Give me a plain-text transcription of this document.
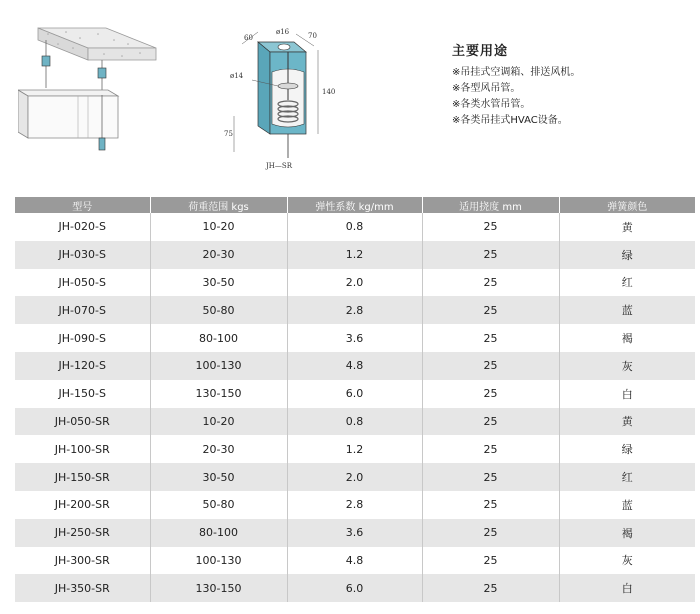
60	70
ø16
ø14
140
75
JH—SR
主要用途
※吊挂式空调箱、排送风机。
※各型风吊管。
※各类水管吊管。
※各类吊挂式HVAC设备。
型号	荷重范围 kgs	弹性系数 kg/mm	适用挠度 mm	弹簧颜色
JH-020-S	10-20	0.8	25	黄
JH-030-S	20-30	1.2	25	绿
JH-050-S	30-50	2.0	25	红
JH-070-S	50-80	2.8	25	蓝
JH-090-S	80-100	3.6	25	褐
JH-120-S	100-130	4.8	25	灰
JH-150-S	130-150	6.0	25	白
JH-050-SR	10-20	0.8	25	黄
JH-100-SR	20-30	1.2	25	绿
JH-150-SR	30-50	2.0	25	红
JH-200-SR	50-80	2.8	25	蓝
JH-250-SR	80-100	3.6	25	褐
JH-300-SR	100-130	4.8	25	灰
JH-350-SR	130-150	6.0	25	白
